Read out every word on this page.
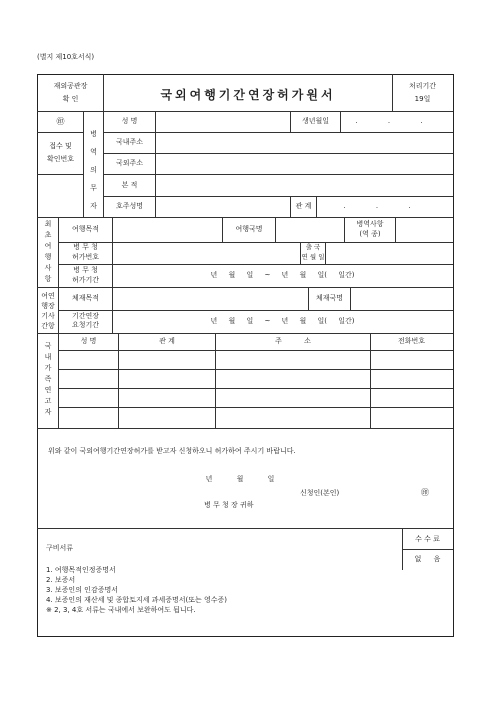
(별지 제10호서식)
재외공관장
확 인	국외여행기간연장허가원서
처리기간
19일
㊞
접수 및
확인번호
병
역
의
무
자
성 명	생년월일	. . .
국내주소
국외주소
본 적
호주성명	관 계	. . .
최
초
여
행
사
항
여행목적	여행국명
병역사항
(역 종)
병 무 청
허가번호
출 국
연 월 일
병 무 청
허가기간
년 월 일 ~ 년 월 일( 일간)
여연
행장
기사
간항
체재목적	체재국명
기간연장
요청기간	년 월 일 ~ 년 월 일( 일간)
국
내
가
족
연
고
자
성 명	관 계	주 소	전화번호
위와 같이 국외여행기간연장허가를 받고자 신청하오니 허가하여 주시기 바랍니다.
년 월 일
신청인(본인)	㊞
병 무 청 장 귀하
수 수 료
없 음
구비서류
1. 여행목적인정증명서
2. 보증서
3. 보증인의 인감증명서
4. 보증인의 재산세 및 종합토지세 과세증명서(또는 영수증)
※ 2, 3, 4호 서류는 국내에서 보완하여도 됩니다.
